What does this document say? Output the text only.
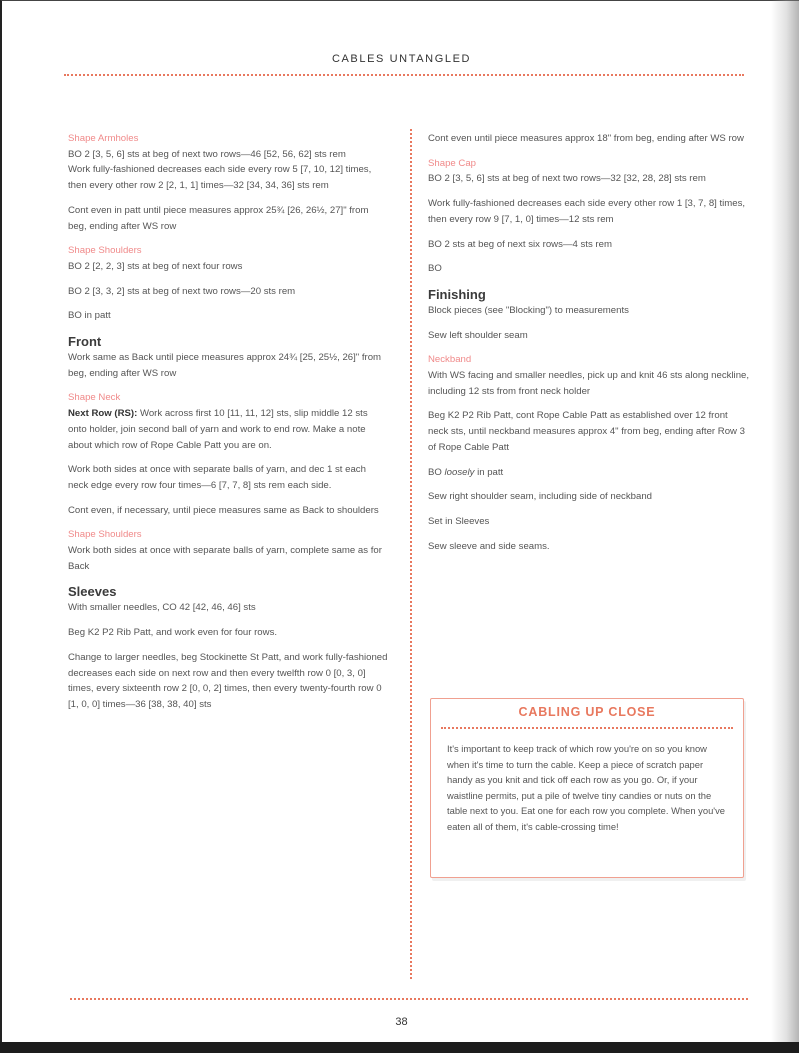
CABLES UNTANGLED
Shape Armholes

BO 2 [3, 5, 6] sts at beg of next two rows—46 [52, 56, 62] sts rem

Work fully-fashioned decreases each side every row 5 [7, 10, 12] times, then every other row 2 [2, 1, 1] times—32 [34, 34, 36] sts rem

Cont even in patt until piece measures approx 25¾ [26, 26½, 27]" from beg, ending after WS row

Shape Shoulders

BO 2 [2, 2, 3] sts at beg of next four rows

BO 2 [3, 3, 2] sts at beg of next two rows—20 sts rem

BO in patt

Front

Work same as Back until piece measures approx 24¾ [25, 25½, 26]" from beg, ending after WS row

Shape Neck

Next Row (RS): Work across first 10 [11, 11, 12] sts, slip middle 12 sts onto holder, join second ball of yarn and work to end row. Make a note about which row of Rope Cable Patt you are on.

Work both sides at once with separate balls of yarn, and dec 1 st each neck edge every row four times—6 [7, 7, 8] sts rem each side.

Cont even, if necessary, until piece measures same as Back to shoulders

Shape Shoulders

Work both sides at once with separate balls of yarn, complete same as for Back

Sleeves

With smaller needles, CO 42 [42, 46, 46] sts

Beg K2 P2 Rib Patt, and work even for four rows.

Change to larger needles, beg Stockinette St Patt, and work fully-fashioned decreases each side on next row and then every twelfth row 0 [0, 3, 0] times, every sixteenth row 2 [0, 0, 2] times, then every twenty-fourth row 0 [1, 0, 0] times—36 [38, 38, 40] sts

Cont even until piece measures approx 18" from beg, ending after WS row

Shape Cap

BO 2 [3, 5, 6] sts at beg of next two rows—32 [32, 28, 28] sts rem

Work fully-fashioned decreases each side every other row 1 [3, 7, 8] times, then every row 9 [7, 1, 0] times—12 sts rem

BO 2 sts at beg of next six rows—4 sts rem

BO

Finishing

Block pieces (see "Blocking") to measurements

Sew left shoulder seam

Neckband

With WS facing and smaller needles, pick up and knit 46 sts along neckline, including 12 sts from front neck holder

Beg K2 P2 Rib Patt, cont Rope Cable Patt as established over 12 front neck sts, until neckband measures approx 4" from beg, ending after Row 3 of Rope Cable Patt

BO loosely in patt

Sew right shoulder seam, including side of neckband

Set in Sleeves

Sew sleeve and side seams.

CABLING UP CLOSE
It's important to keep track of which row you're on so you know when it's time to turn the cable. Keep a piece of scratch paper handy as you knit and tick off each row as you go. Or, if your waistline permits, put a pile of twelve tiny candies or nuts on the table next to you. Eat one for each row you complete. When you've eaten all of them, it's cable-crossing time!
38
